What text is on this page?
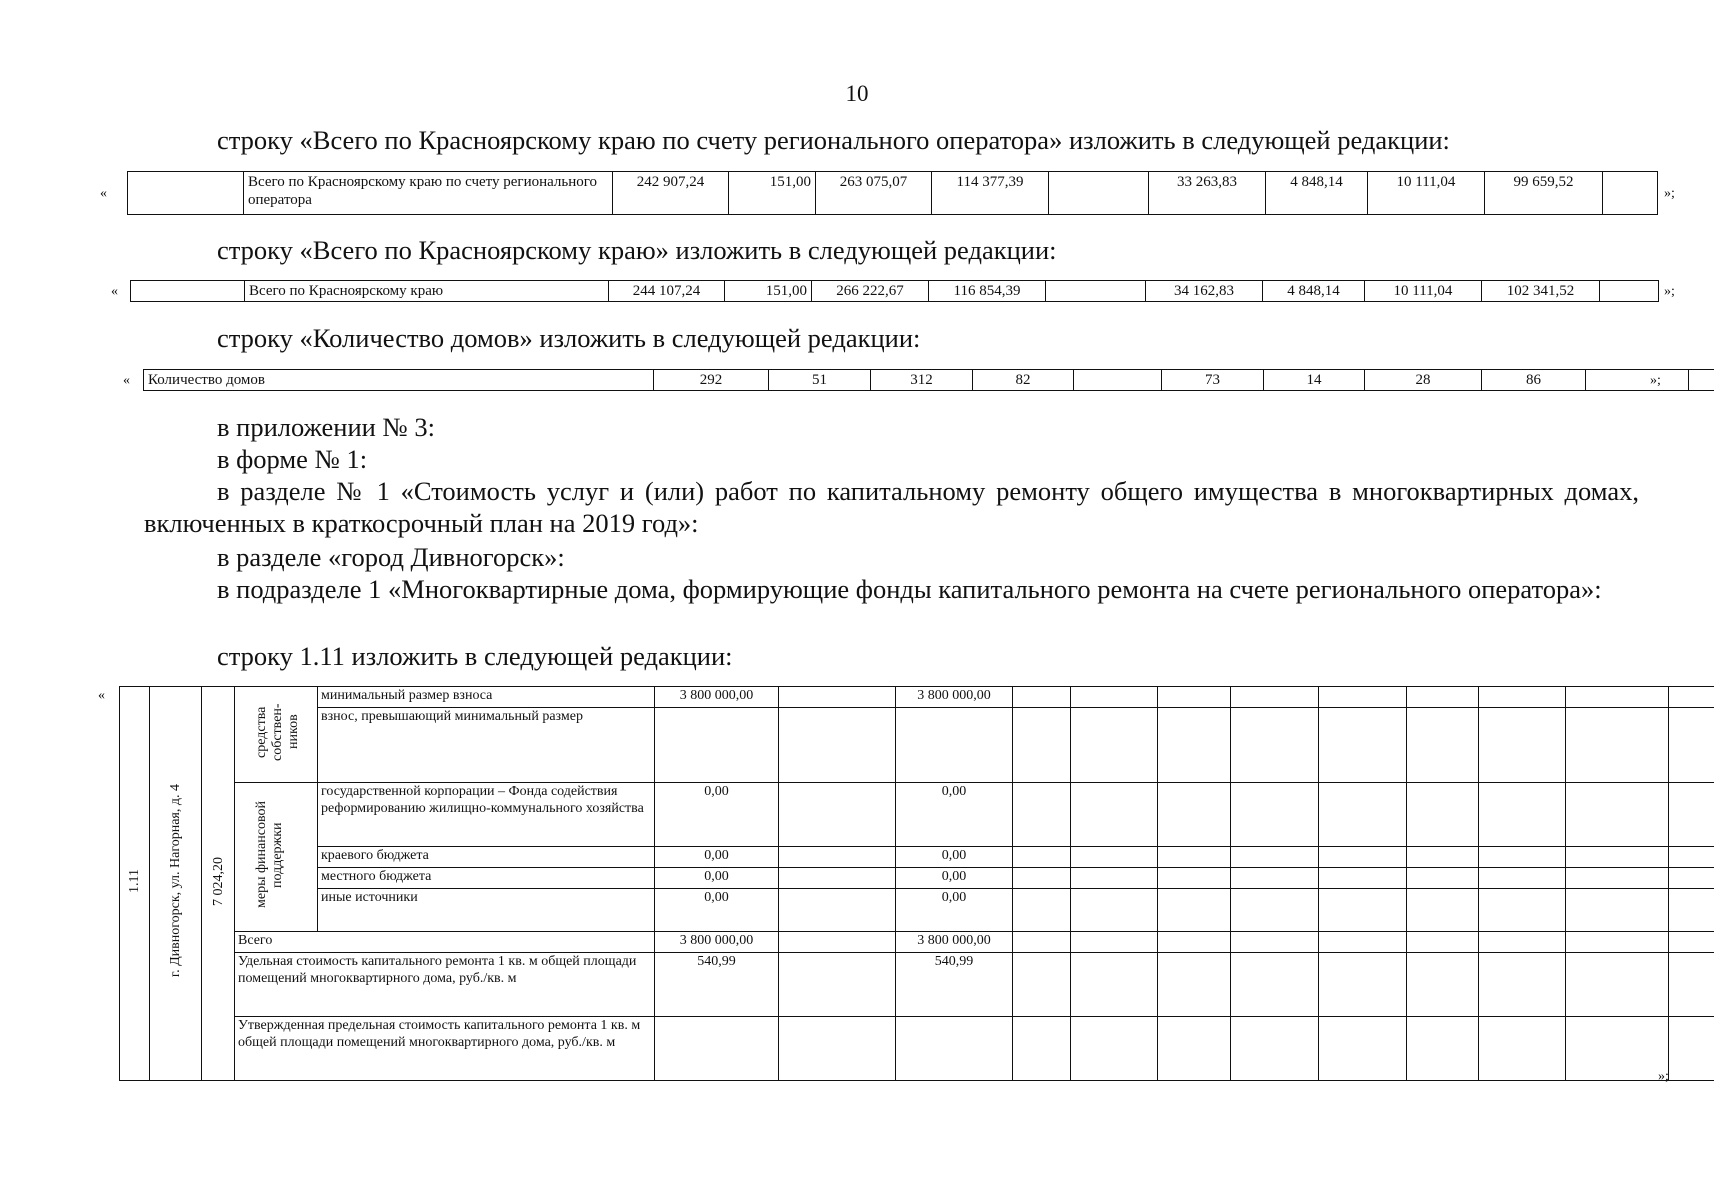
10
строку «Всего по Красноярскому краю по счету регионального оператора» изложить в следующей редакции:
«
	Всего по Красноярскому краю по счету регионального оператора	242 907,24	151,00	263 075,07	114 377,39		33 263,83	4 848,14	10 111,04	99 659,52	
»;
строку «Всего по Красноярскому краю» изложить в следующей редакции:
«
		Всего по Красноярскому краю	244 107,24	151,00	266 222,67	116 854,39		34 162,83	4 848,14	10 111,04	102 341,52		»;
строку «Количество домов» изложить в следующей редакции:
« Количество домов	292	51	312	82		73	14	28	86			»;
в приложении № 3:
в форме № 1:
в разделе № 1 «Стоимость услуг и (или) работ по капитальному ремонту общего имущества в многоквартирных домах, включенных в краткосрочный план на 2019 год»:
в разделе «город Дивногорск»:
в подразделе 1 «Многоквартирные дома, формирующие фонды капитального ремонта на счете регионального оператора»:
строку 1.11 изложить в следующей редакции:
«
1.11	г. Дивногорск, ул. Нагорная, д. 4	7 024,20	средства собствен-ников	минимальный размер взноса	3 800 000,00		3 800 000,00									
				взнос, превышающий минимальный размер												
			меры финансовой поддержки	государственной корпорации – Фонда содействия реформированию жилищно-коммунального хозяйства	0,00		0,00									
				краевого бюджета	0,00		0,00									
				местного бюджета	0,00		0,00									
				иные источники	0,00		0,00									
			Всего		3 800 000,00		3 800 000,00									
			Удельная стоимость капитального ремонта 1 кв. м общей площади помещений многоквартирного дома, руб./кв. м		540,99		540,99									
			Утвержденная предельная стоимость капитального ремонта 1 кв. м общей площади помещений многоквартирного дома, руб./кв. м													
»;
